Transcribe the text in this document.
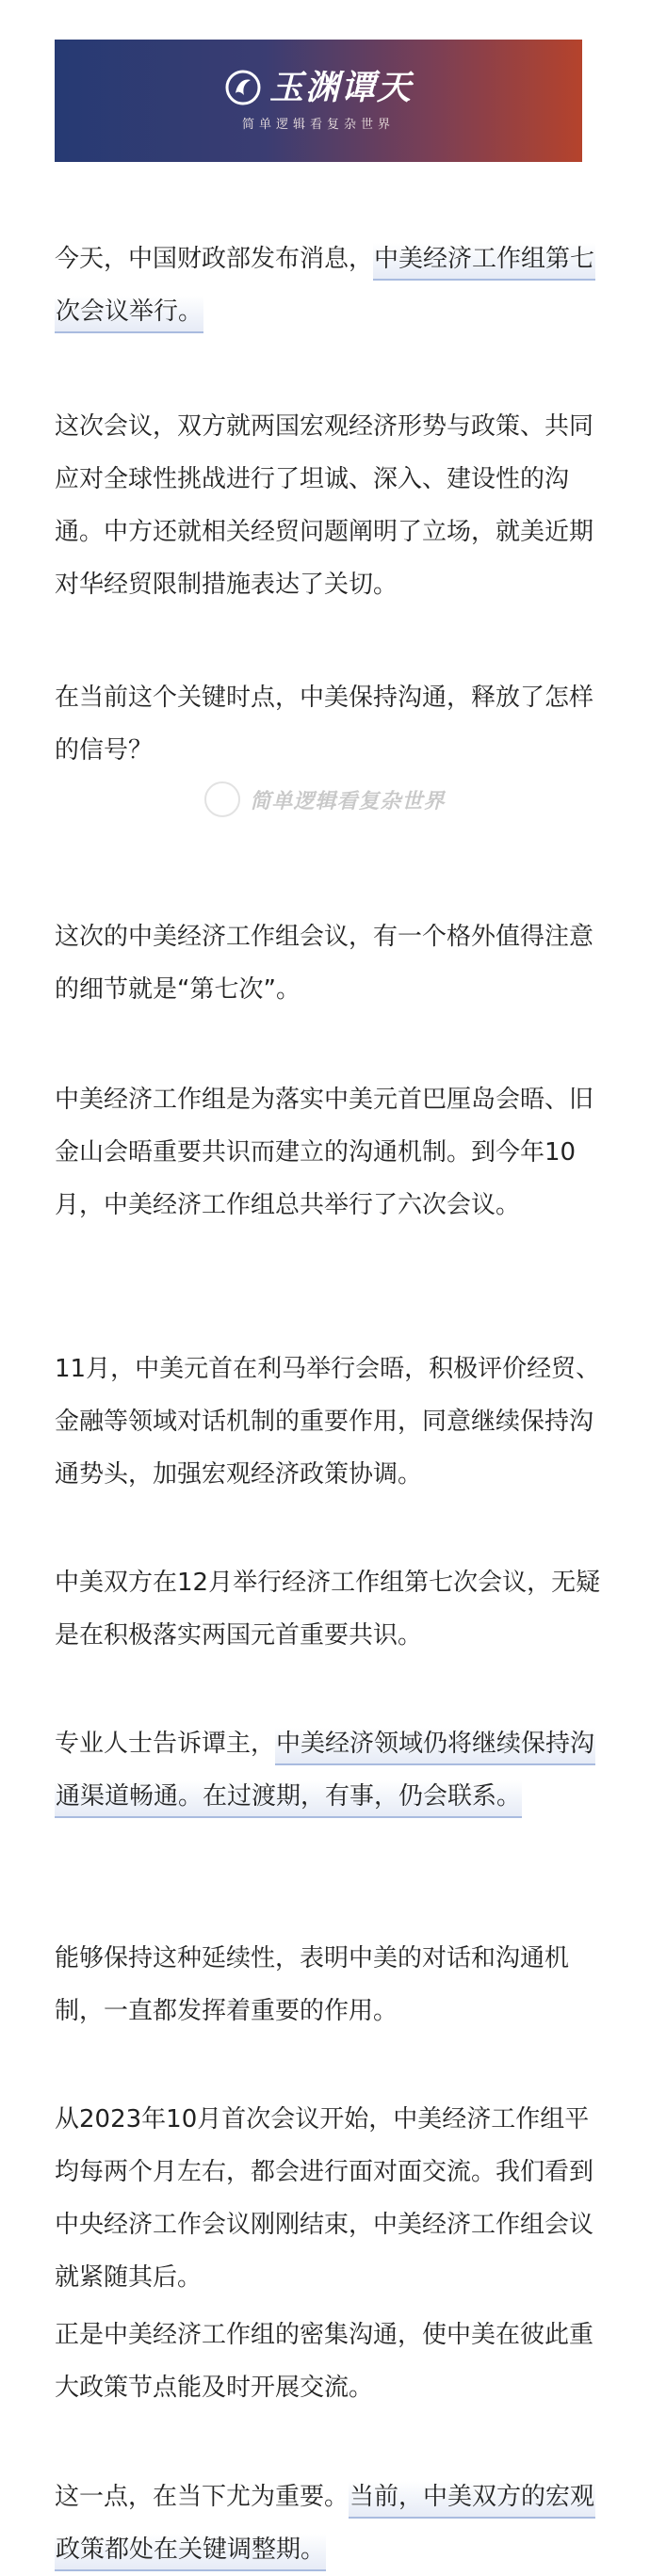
玉渊谭天
简单逻辑看复杂世界

今天，中国财政部发布消息，中美经济工作组第七次会议举行。

这次会议，双方就两国宏观经济形势与政策、共同应对全球性挑战进行了坦诚、深入、建设性的沟通。中方还就相关经贸问题阐明了立场，就美近期对华经贸限制措施表达了关切。

在当前这个关键时点，中美保持沟通，释放了怎样的信号？

简单逻辑看复杂世界

这次的中美经济工作组会议，有一个格外值得注意的细节就是“第七次”。

中美经济工作组是为落实中美元首巴厘岛会晤、旧金山会晤重要共识而建立的沟通机制。到今年10月，中美经济工作组总共举行了六次会议。

11月，中美元首在利马举行会晤，积极评价经贸、金融等领域对话机制的重要作用，同意继续保持沟通势头，加强宏观经济政策协调。

中美双方在12月举行经济工作组第七次会议，无疑是在积极落实两国元首重要共识。

专业人士告诉谭主，中美经济领域仍将继续保持沟通渠道畅通。在过渡期，有事，仍会联系。

能够保持这种延续性，表明中美的对话和沟通机制，一直都发挥着重要的作用。

从2023年10月首次会议开始，中美经济工作组平均每两个月左右，都会进行面对面交流。我们看到中央经济工作会议刚刚结束，中美经济工作组会议就紧随其后。

正是中美经济工作组的密集沟通，使中美在彼此重大政策节点能及时开展交流。

这一点，在当下尤为重要。当前，中美双方的宏观政策都处在关键调整期。
